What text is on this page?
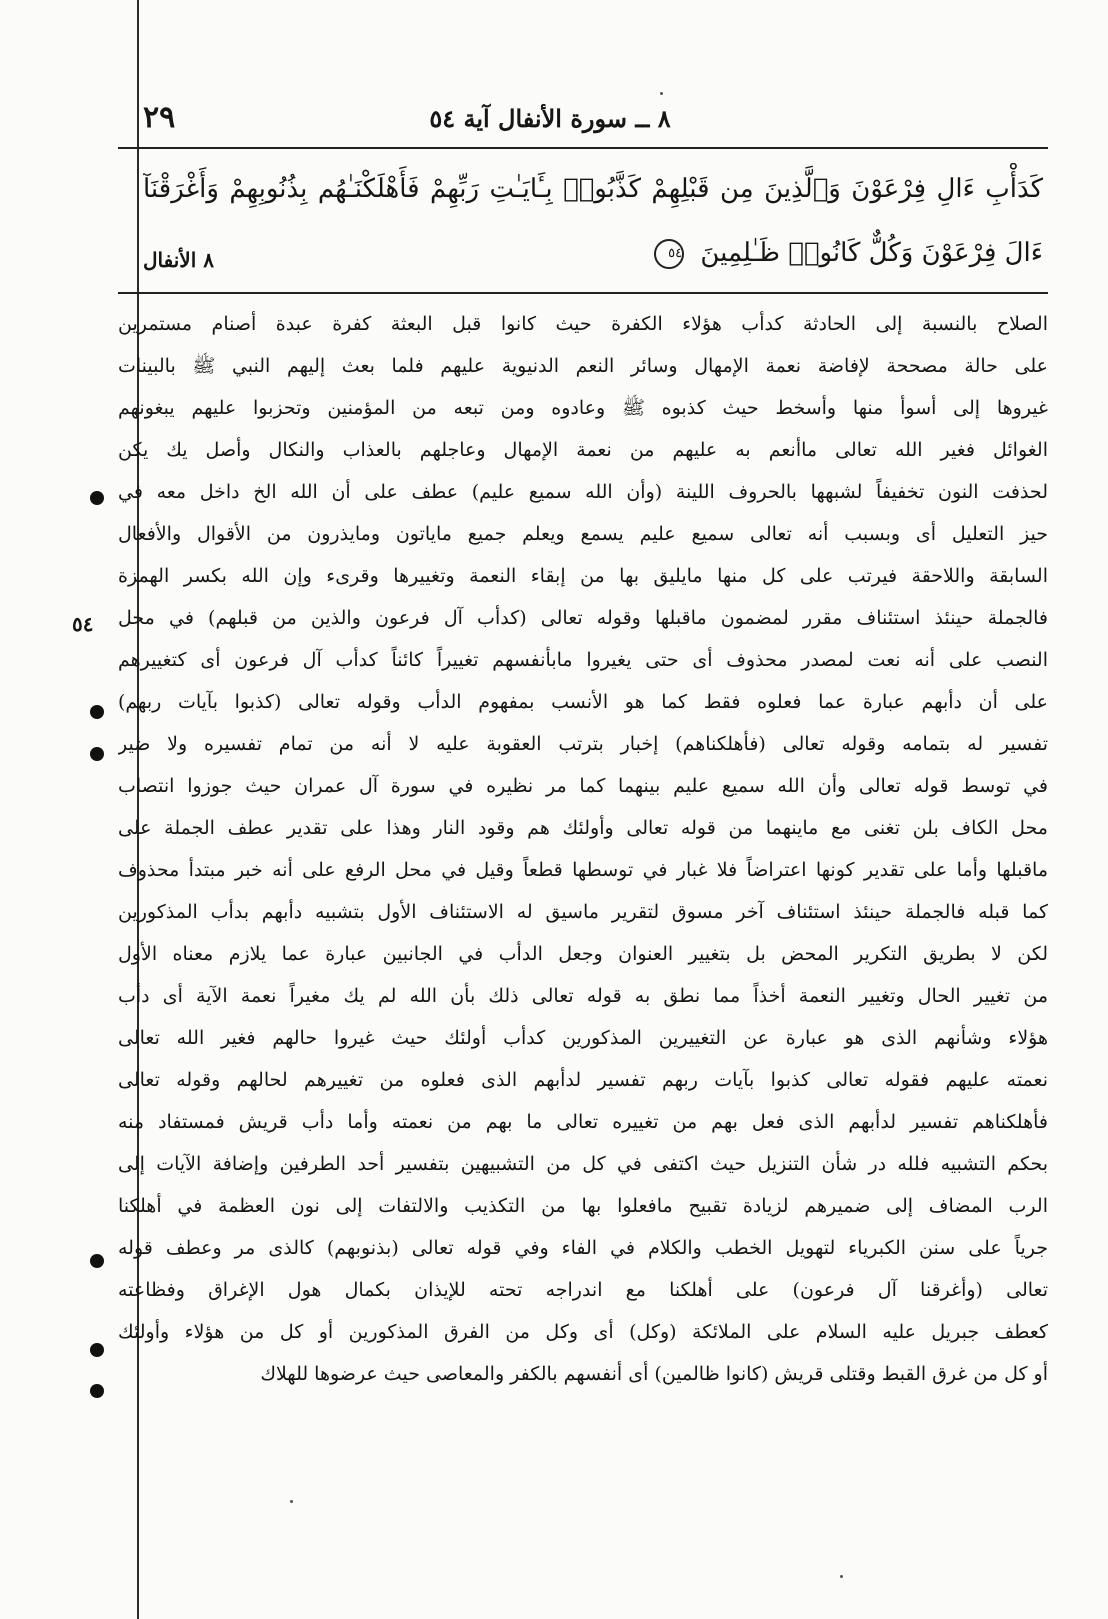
٢٩	٨ ــ سورة الأنفال آية ٥٤
كَدَأْبِ ءَالِ فِرْعَوْنَ وَٱلَّذِينَ مِن قَبْلِهِمْ كَذَّبُوا۟ بِـَٔايَـٰتِ رَبِّهِمْ فَأَهْلَكْنَـٰهُم بِذُنُوبِهِمْ وَأَغْرَقْنَآ
ءَالَ فِرْعَوْنَ وَكُلٌّ كَانُوا۟ ظَـٰلِمِينَ ٥٤
٨ الأنفال
الصلاح بالنسبة إلى الحادثة كدأب هؤلاء الكفرة حيث كانوا قبل البعثة كفرة عبدة أصنام مستمرين
على حالة مصححة لإفاضة نعمة الإمهال وسائر النعم الدنيوية عليهم فلما بعث إليهم النبي ﷺ بالبينات
غيروها إلى أسوأ منها وأسخط حيث كذبوه ﷺ وعادوه ومن تبعه من المؤمنين وتحزبوا عليهم يبغونهم
الغوائل فغير الله تعالى ماأنعم به عليهم من نعمة الإمهال وعاجلهم بالعذاب والنكال وأصل يك يكن
لحذفت النون تخفيفاً لشبهها بالحروف اللينة (وأن الله سميع عليم) عطف على أن الله الخ داخل معه في
حيز التعليل أى وبسبب أنه تعالى سميع عليم يسمع ويعلم جميع ماياتون ومايذرون من الأقوال والأفعال
السابقة واللاحقة فيرتب على كل منها مايليق بها من إبقاء النعمة وتغييرها وقرىء وإن الله بكسر الهمزة
فالجملة حينئذ استئناف مقرر لمضمون ماقبلها وقوله تعالى (كدأب آل فرعون والذين من قبلهم) في محل
النصب على أنه نعت لمصدر محذوف أى حتى يغيروا مابأنفسهم تغييراً كائناً كدأب آل فرعون أى كتغييرهم
على أن دأبهم عبارة عما فعلوه فقط كما هو الأنسب بمفهوم الدأب وقوله تعالى (كذبوا بآيات ربهم)
تفسير له بتمامه وقوله تعالى (فأهلكناهم) إخبار بترتب العقوبة عليه لا أنه من تمام تفسيره ولا ضير
في توسط قوله تعالى وأن الله سميع عليم بينهما كما مر نظيره في سورة آل عمران حيث جوزوا انتصاب
محل الكاف بلن تغنى مع ماينهما من قوله تعالى وأولئك هم وقود النار وهذا على تقدير عطف الجملة على
ماقبلها وأما على تقدير كونها اعتراضاً فلا غبار في توسطها قطعاً وقيل في محل الرفع على أنه خبر مبتدأ محذوف
كما قبله فالجملة حينئذ استئناف آخر مسوق لتقرير ماسيق له الاستئناف الأول بتشبيه دأبهم بدأب المذكورين
لكن لا بطريق التكرير المحض بل بتغيير العنوان وجعل الدأب في الجانبين عبارة عما يلازم معناه الأول
من تغيير الحال وتغيير النعمة أخذاً مما نطق به قوله تعالى ذلك بأن الله لم يك مغيراً نعمة الآية أى دأب
هؤلاء وشأنهم الذى هو عبارة عن التغييرين المذكورين كدأب أولئك حيث غيروا حالهم فغير الله تعالى
نعمته عليهم فقوله تعالى كذبوا بآيات ربهم تفسير لدأبهم الذى فعلوه من تغييرهم لحالهم وقوله تعالى
فأهلكناهم تفسير لدأبهم الذى فعل بهم من تغييره تعالى ما بهم من نعمته وأما دأب قريش فمستفاد منه
بحكم التشبيه فلله در شأن التنزيل حيث اكتفى في كل من التشبيهين بتفسير أحد الطرفين وإضافة الآيات إلى
الرب المضاف إلى ضميرهم لزيادة تقبيح مافعلوا بها من التكذيب والالتفات إلى نون العظمة في أهلكنا
جرياً على سنن الكبرياء لتهويل الخطب والكلام في الفاء وفي قوله تعالى (بذنوبهم) كالذى مر وعطف قوله
تعالى (وأغرقنا آل فرعون) على أهلكنا مع اندراجه تحته للإيذان بكمال هول الإغراق وفظاعته
كعطف جبريل عليه السلام على الملائكة (وكل) أى وكل من الفرق المذكورين أو كل من هؤلاء وأولئك
أو كل من غرق القبط وقتلى قريش (كانوا ظالمين) أى أنفسهم بالكفر والمعاصى حيث عرضوها للهلاك
٥٤
